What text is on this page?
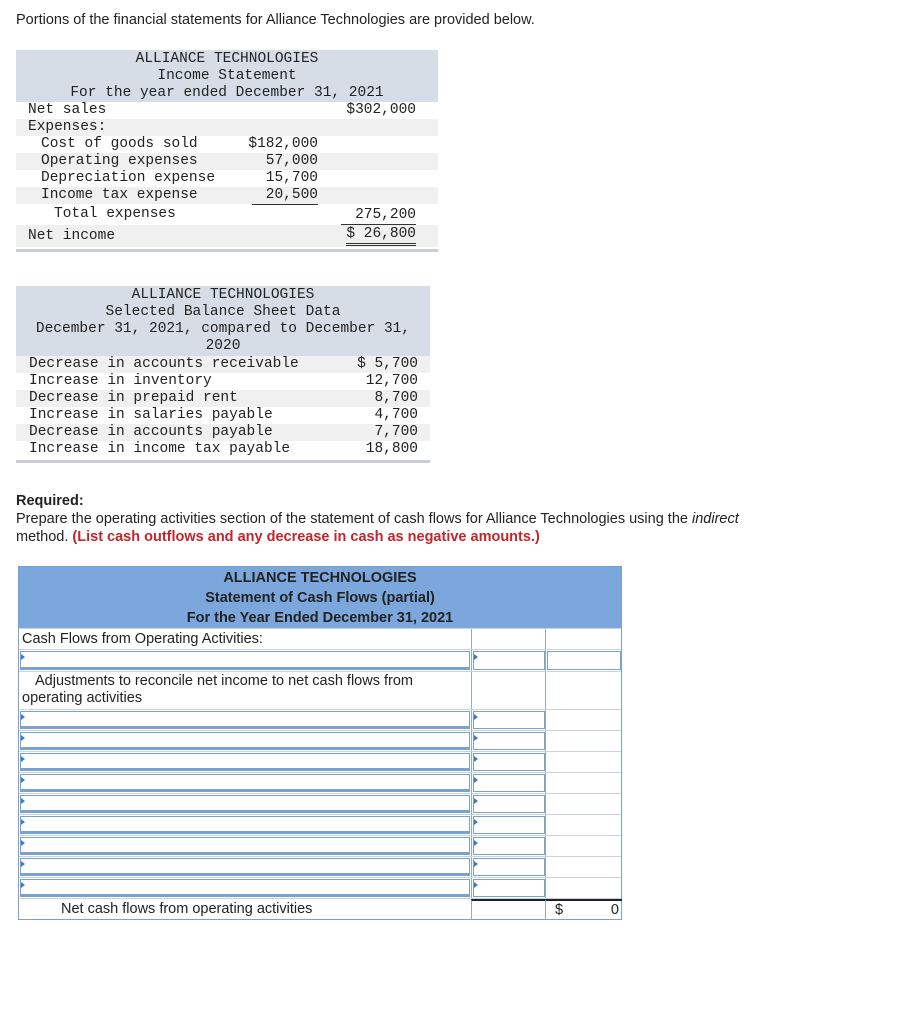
Portions of the financial statements for Alliance Technologies are provided below.
ALLIANCE TECHNOLOGIES
Income Statement
For the year ended December 31, 2021
Net sales	$302,000
Expenses:
Cost of goods sold	$182,000
Operating expenses	57,000
Depreciation expense	15,700
Income tax expense	20,500
Total expenses	275,200
Net income	$ 26,800
ALLIANCE TECHNOLOGIES
Selected Balance Sheet Data
December 31, 2021, compared to December 31,
2020
Decrease in accounts receivable	$ 5,700
Increase in inventory	12,700
Decrease in prepaid rent	8,700
Increase in salaries payable	4,700
Decrease in accounts payable	7,700
Increase in income tax payable	18,800
Required:
Prepare the operating activities section of the statement of cash flows for Alliance Technologies using the indirect
method. (List cash outflows and any decrease in cash as negative amounts.)
ALLIANCE TECHNOLOGIES
Statement of Cash Flows (partial)
For the Year Ended December 31, 2021
Cash Flows from Operating Activities:
Adjustments to reconcile net income to net cash flows from
operating activities
Net cash flows from operating activities	$	0
